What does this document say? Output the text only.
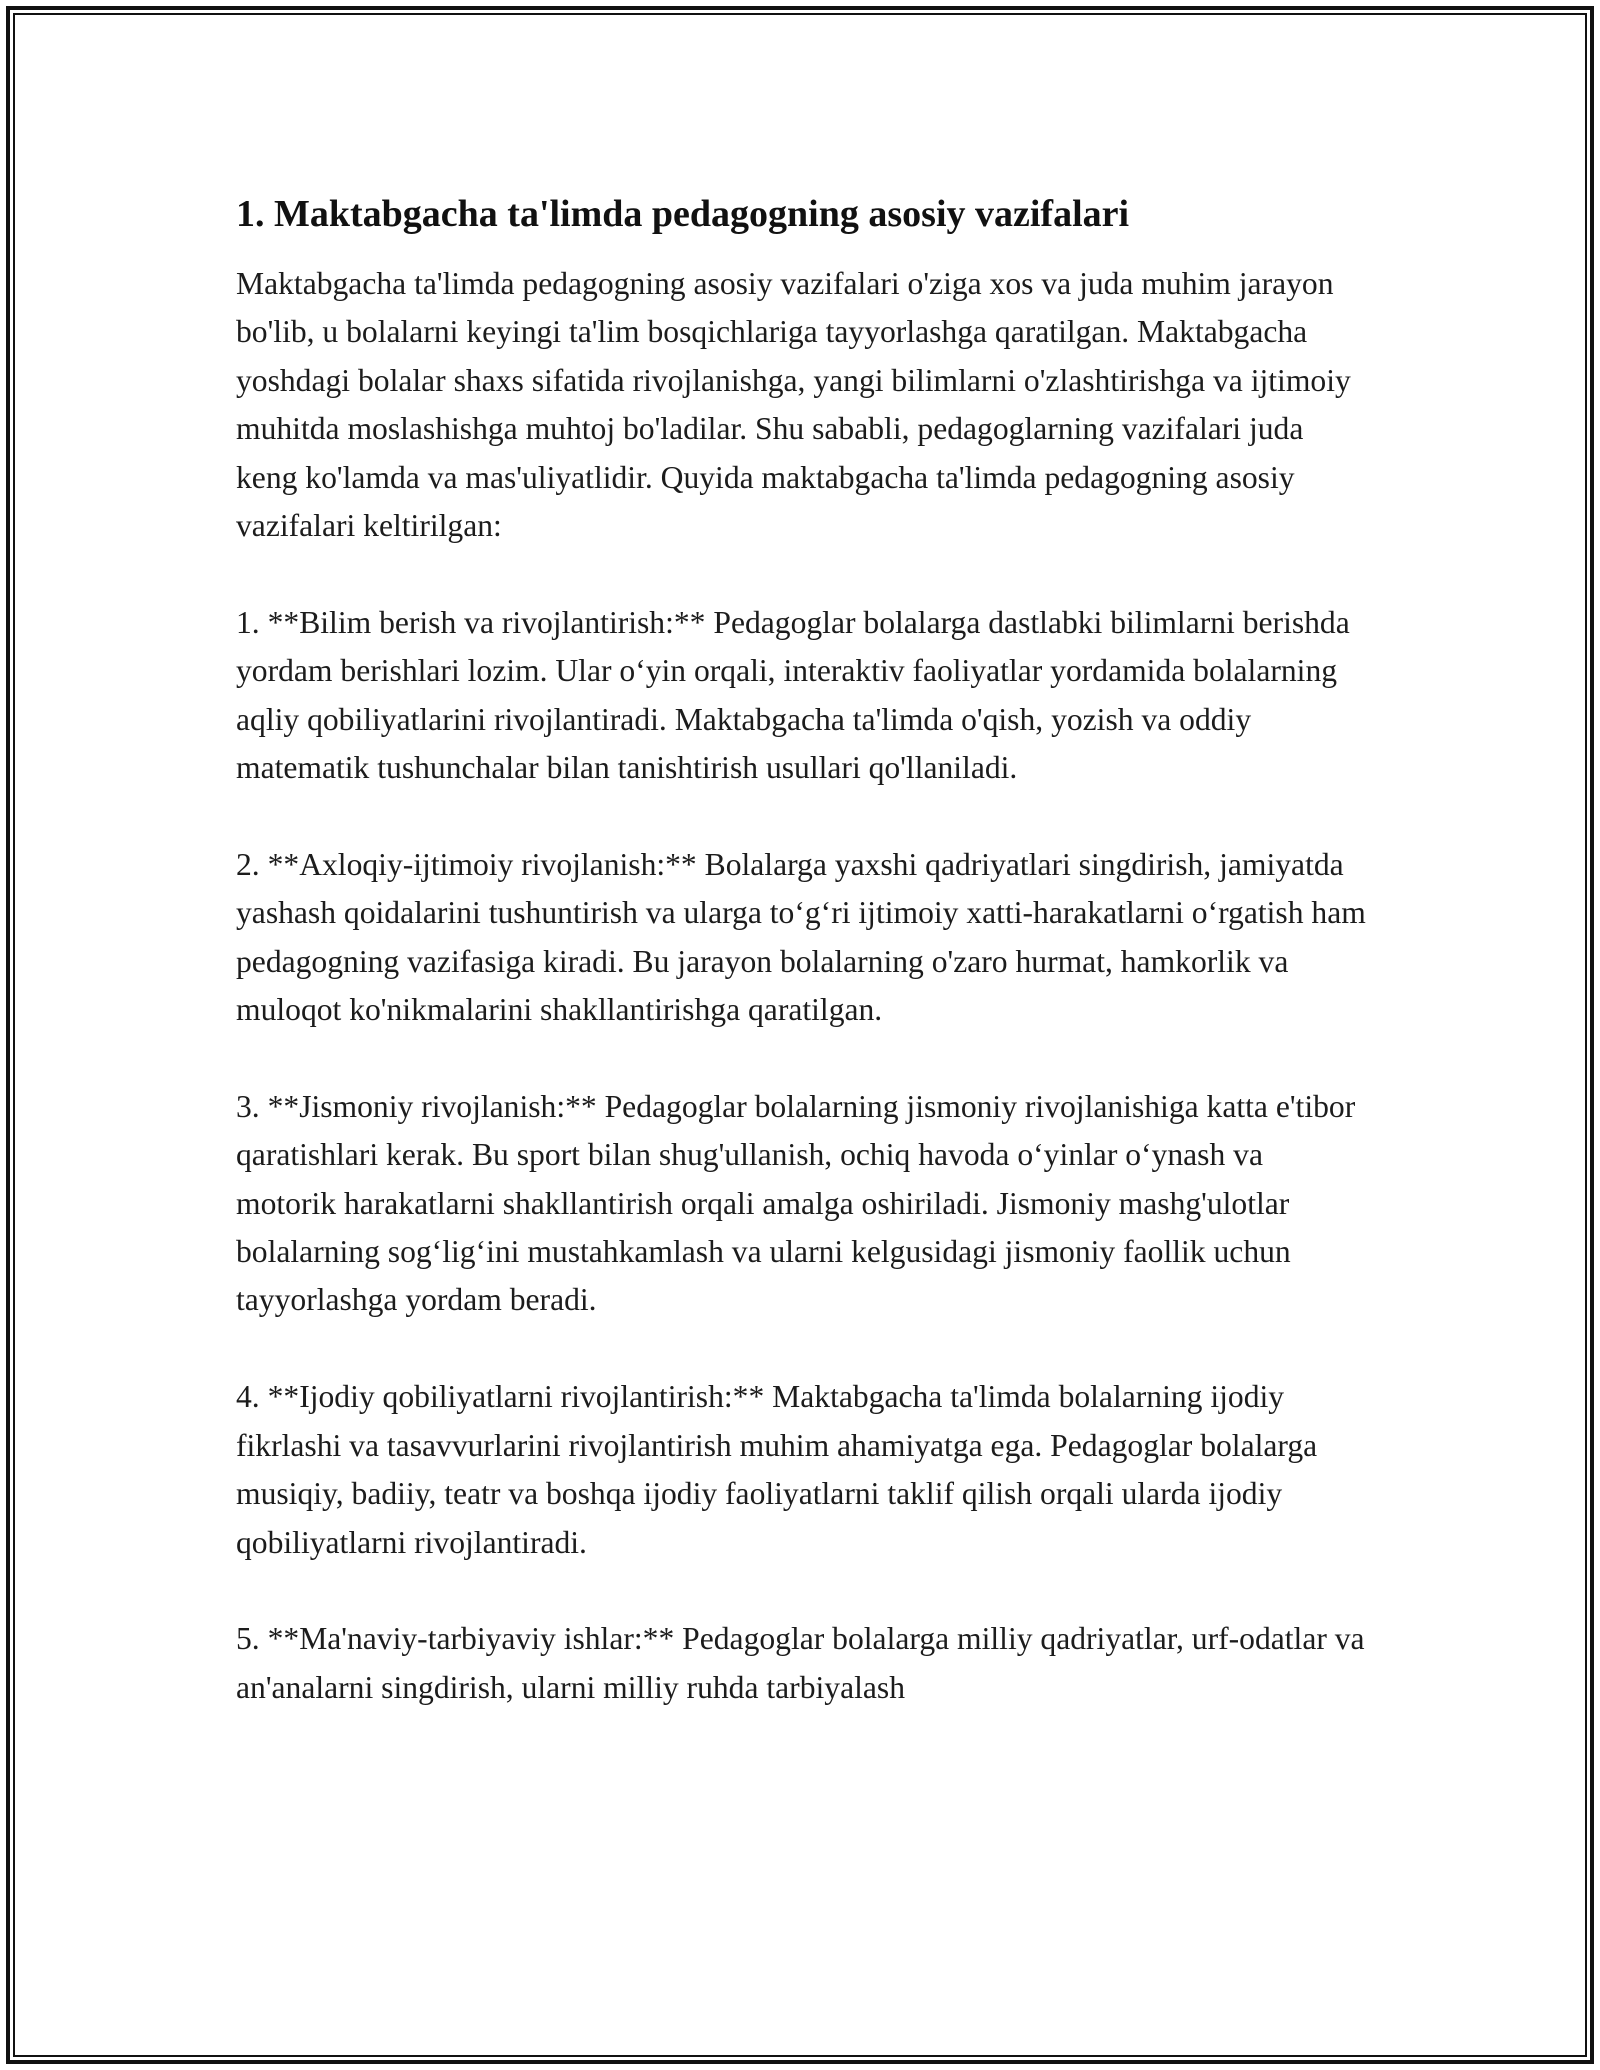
1. Maktabgacha ta'limda pedagogning asosiy vazifalari

Maktabgacha ta'limda pedagogning asosiy vazifalari o'ziga xos va juda muhim jarayon bo'lib, u bolalarni keyingi ta'lim bosqichlariga tayyorlashga qaratilgan. Maktabgacha yoshdagi bolalar shaxs sifatida rivojlanishga, yangi bilimlarni o'zlashtirishga va ijtimoiy muhitda moslashishga muhtoj bo'ladilar. Shu sababli, pedagoglarning vazifalari juda keng ko'lamda va mas'uliyatlidir. Quyida maktabgacha ta'limda pedagogning asosiy vazifalari keltirilgan:

1. **Bilim berish va rivojlantirish:** Pedagoglar bolalarga dastlabki bilimlarni berishda yordam berishlari lozim. Ular o‘yin orqali, interaktiv faoliyatlar yordamida bolalarning aqliy qobiliyatlarini rivojlantiradi. Maktabgacha ta'limda o'qish, yozish va oddiy matematik tushunchalar bilan tanishtirish usullari qo'llaniladi.

2. **Axloqiy-ijtimoiy rivojlanish:** Bolalarga yaxshi qadriyatlari singdirish, jamiyatda yashash qoidalarini tushuntirish va ularga to‘g‘ri ijtimoiy xatti-harakatlarni o‘rgatish ham pedagogning vazifasiga kiradi. Bu jarayon bolalarning o'zaro hurmat, hamkorlik va muloqot ko'nikmalarini shakllantirishga qaratilgan.

3. **Jismoniy rivojlanish:** Pedagoglar bolalarning jismoniy rivojlanishiga katta e'tibor qaratishlari kerak. Bu sport bilan shug'ullanish, ochiq havoda o‘yinlar o‘ynash va motorik harakatlarni shakllantirish orqali amalga oshiriladi. Jismoniy mashg'ulotlar bolalarning sog‘lig‘ini mustahkamlash va ularni kelgusidagi jismoniy faollik uchun tayyorlashga yordam beradi.

4. **Ijodiy qobiliyatlarni rivojlantirish:** Maktabgacha ta'limda bolalarning ijodiy fikrlashi va tasavvurlarini rivojlantirish muhim ahamiyatga ega. Pedagoglar bolalarga musiqiy, badiiy, teatr va boshqa ijodiy faoliyatlarni taklif qilish orqali ularda ijodiy qobiliyatlarni rivojlantiradi.

5. **Ma'naviy-tarbiyaviy ishlar:** Pedagoglar bolalarga milliy qadriyatlar, urf-odatlar va an'analarni singdirish, ularni milliy ruhda tarbiyalash
